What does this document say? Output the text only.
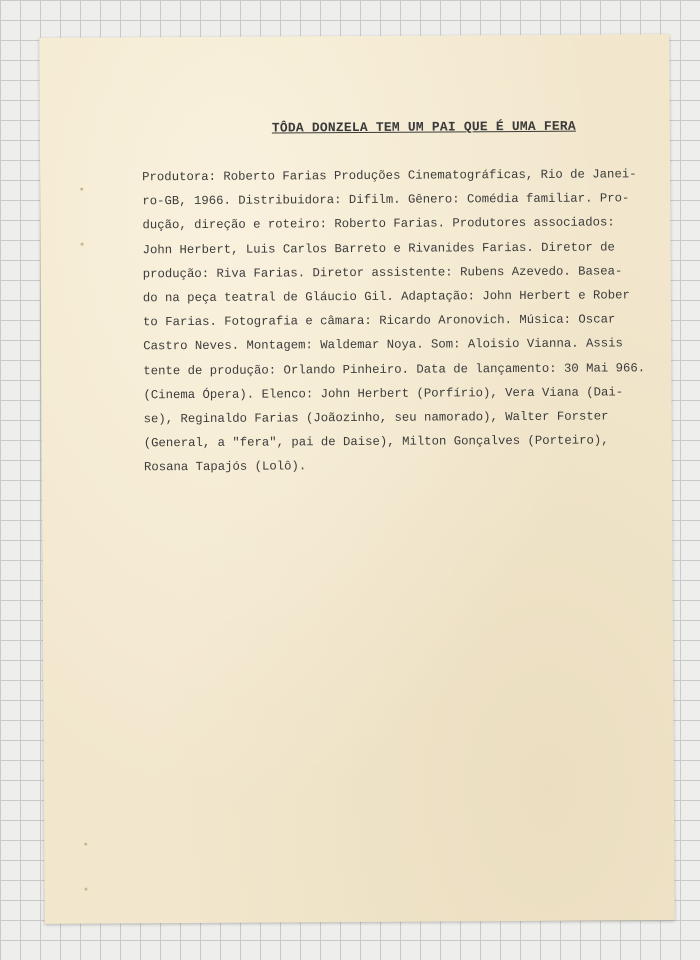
TÔDA DONZELA TEM UM PAI QUE É UMA FERA
Produtora: Roberto Farias Produções Cinematográficas, Rio de Janei-
ro-GB, 1966. Distribuidora: Difilm. Gênero: Comédia familiar. Pro-
dução, direção e roteiro: Roberto Farias. Produtores associados:
John Herbert, Luis Carlos Barreto e Rivanides Farias. Diretor de
produção: Riva Farias. Diretor assistente: Rubens Azevedo. Basea-
do na peça teatral de Gláucio Gil. Adaptação: John Herbert e Rober
to Farias. Fotografia e câmara: Ricardo Aronovich. Música: Oscar
Castro Neves. Montagem: Waldemar Noya. Som: Aloisio Vianna. Assis
tente de produção: Orlando Pinheiro. Data de lançamento: 30 Mai 966.
(Cinema Ópera). Elenco: John Herbert (Porfírio), Vera Viana (Dai-
se), Reginaldo Farias (Joãozinho, seu namorado), Walter Forster
(General, a "fera", pai de Daise), Milton Gonçalves (Porteiro),
Rosana Tapajós (Lolô).
